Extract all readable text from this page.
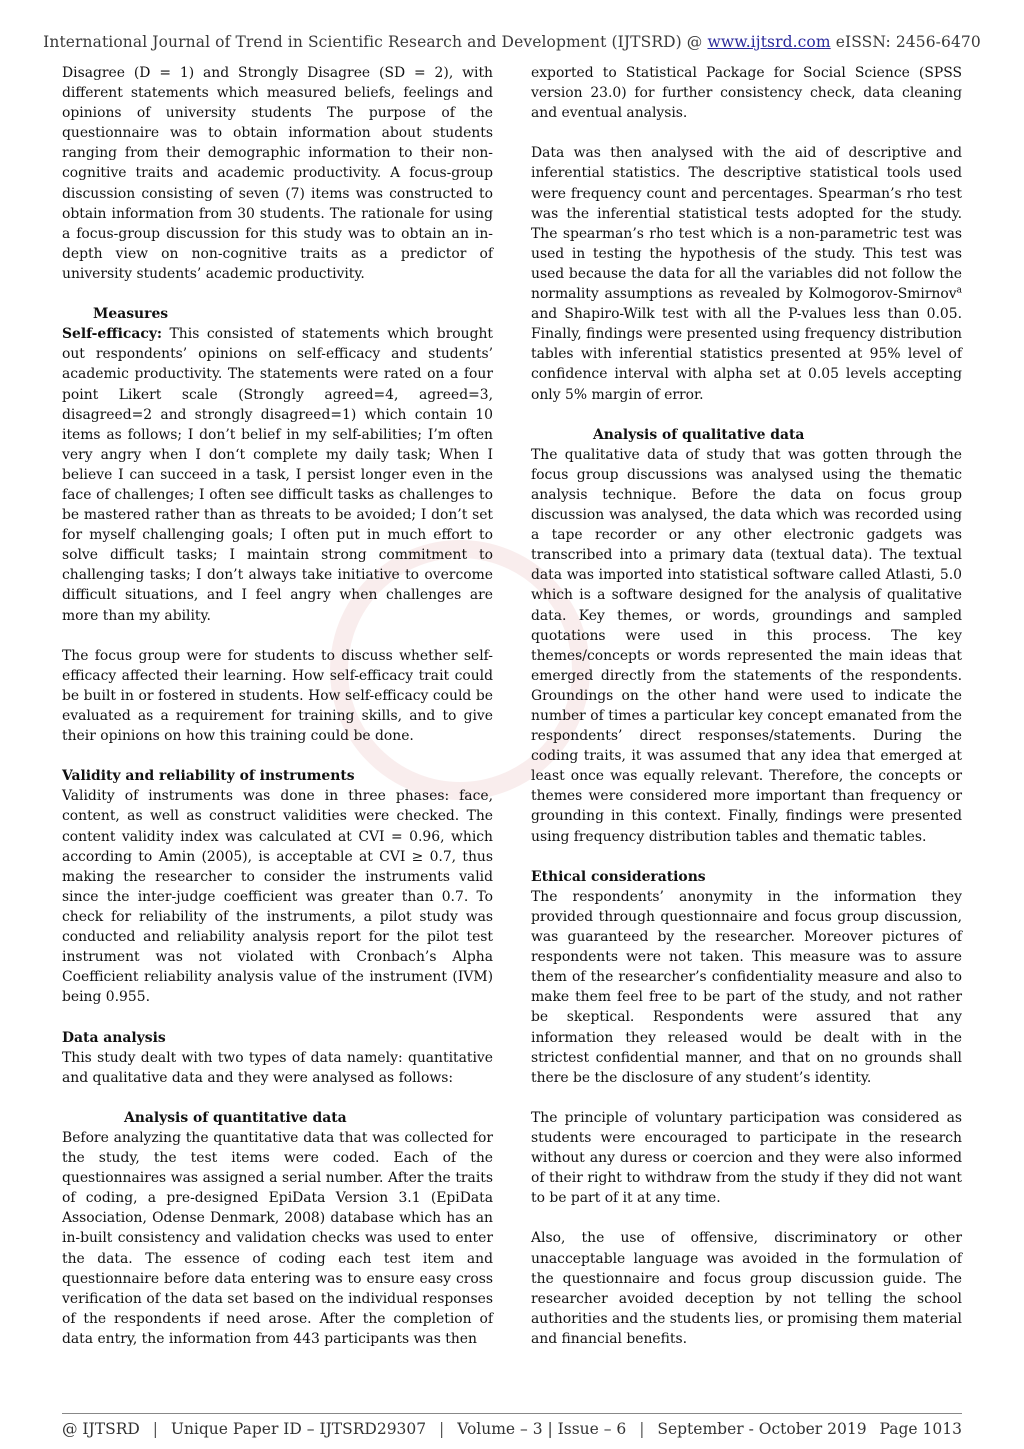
International Journal of Trend in Scientific Research and Development (IJTSRD) @ www.ijtsrd.com eISSN: 2456-6470

Disagree (D = 1) and Strongly Disagree (SD = 2), with different statements which measured beliefs, feelings and opinions of university students The purpose of the questionnaire was to obtain information about students ranging from their demographic information to their non-cognitive traits and academic productivity. A focus-group discussion consisting of seven (7) items was constructed to obtain information from 30 students. The rationale for using a focus-group discussion for this study was to obtain an in-depth view on non-cognitive traits as a predictor of university students’ academic productivity.

Measures

Self-efficacy: This consisted of statements which brought out respondents’ opinions on self-efficacy and students’ academic productivity. The statements were rated on a four point Likert scale (Strongly agreed=4, agreed=3, disagreed=2 and strongly disagreed=1) which contain 10 items as follows; I don’t belief in my self-abilities; I’m often very angry when I don‘t complete my daily task; When I believe I can succeed in a task, I persist longer even in the face of challenges; I often see difficult tasks as challenges to be mastered rather than as threats to be avoided; I don’t set for myself challenging goals; I often put in much effort to solve difficult tasks; I maintain strong commitment to challenging tasks; I don’t always take initiative to overcome difficult situations, and I feel angry when challenges are more than my ability.

The focus group were for students to discuss whether self-efficacy affected their learning. How self-efficacy trait could be built in or fostered in students. How self-efficacy could be evaluated as a requirement for training skills, and to give their opinions on how this training could be done.

Validity and reliability of instruments

Validity of instruments was done in three phases: face, content, as well as construct validities were checked. The content validity index was calculated at CVI = 0.96, which according to Amin (2005), is acceptable at CVI ≥ 0.7, thus making the researcher to consider the instruments valid since the inter-judge coefficient was greater than 0.7. To check for reliability of the instruments, a pilot study was conducted and reliability analysis report for the pilot test instrument was not violated with Cronbach’s Alpha Coefficient reliability analysis value of the instrument (IVM) being 0.955.

Data analysis

This study dealt with two types of data namely: quantitative and qualitative data and they were analysed as follows:

Analysis of quantitative data

Before analyzing the quantitative data that was collected for the study, the test items were coded. Each of the questionnaires was assigned a serial number. After the traits of coding, a pre-designed EpiData Version 3.1 (EpiData Association, Odense Denmark, 2008) database which has an in-built consistency and validation checks was used to enter the data. The essence of coding each test item and questionnaire before data entering was to ensure easy cross verification of the data set based on the individual responses of the respondents if need arose. After the completion of data entry, the information from 443 participants was then

exported to Statistical Package for Social Science (SPSS version 23.0) for further consistency check, data cleaning and eventual analysis.

Data was then analysed with the aid of descriptive and inferential statistics. The descriptive statistical tools used were frequency count and percentages. Spearman’s rho test was the inferential statistical tests adopted for the study. The spearman’s rho test which is a non-parametric test was used in testing the hypothesis of the study. This test was used because the data for all the variables did not follow the normality assumptions as revealed by Kolmogorov-Smirnov$^a$ and Shapiro-Wilk test with all the P-values less than 0.05. Finally, findings were presented using frequency distribution tables with inferential statistics presented at 95% level of confidence interval with alpha set at 0.05 levels accepting only 5% margin of error.

Analysis of qualitative data

The qualitative data of study that was gotten through the focus group discussions was analysed using the thematic analysis technique. Before the data on focus group discussion was analysed, the data which was recorded using a tape recorder or any other electronic gadgets was transcribed into a primary data (textual data). The textual data was imported into statistical software called Atlasti, 5.0 which is a software designed for the analysis of qualitative data. Key themes, or words, groundings and sampled quotations were used in this process. The key themes/concepts or words represented the main ideas that emerged directly from the statements of the respondents. Groundings on the other hand were used to indicate the number of times a particular key concept emanated from the respondents’ direct responses/statements. During the coding traits, it was assumed that any idea that emerged at least once was equally relevant. Therefore, the concepts or themes were considered more important than frequency or grounding in this context. Finally, findings were presented using frequency distribution tables and thematic tables.

Ethical considerations

The respondents’ anonymity in the information they provided through questionnaire and focus group discussion, was guaranteed by the researcher. Moreover pictures of respondents were not taken. This measure was to assure them of the researcher’s confidentiality measure and also to make them feel free to be part of the study, and not rather be skeptical. Respondents were assured that any information they released would be dealt with in the strictest confidential manner, and that on no grounds shall there be the disclosure of any student’s identity.

The principle of voluntary participation was considered as students were encouraged to participate in the research without any duress or coercion and they were also informed of their right to withdraw from the study if they did not want to be part of it at any time.

Also, the use of offensive, discriminatory or other unacceptable language was avoided in the formulation of the questionnaire and focus group discussion guide. The researcher avoided deception by not telling the school authorities and the students lies, or promising them material and financial benefits.

@ IJTSRD | Unique Paper ID – IJTSRD29307 | Volume – 3 | Issue – 6 | September - October 2019 Page 1013
